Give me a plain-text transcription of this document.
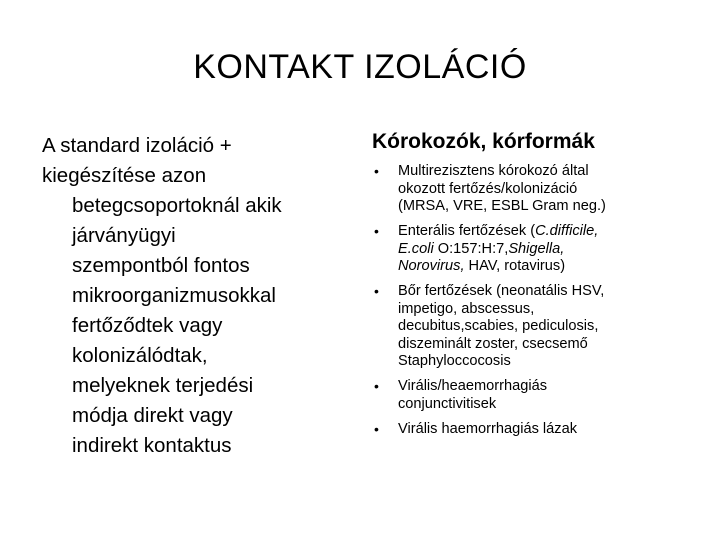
KONTAKT IZOLÁCIÓ
A standard izoláció +
kiegészítése azon
betegcsoportoknál akik
járványügyi
szempontból fontos
mikroorganizmusokkal
fertőződtek vagy
kolonizálódtak,
melyeknek terjedési
módja direkt vagy
indirekt kontaktus
Kórokozók, kórformák
• Multirezisztens kórokozó által
okozott fertőzés/kolonizáció
(MRSA, VRE, ESBL Gram neg.)
• Enterális fertőzések (C.difficile,
E.coli O:157:H:7,Shigella,
Norovirus, HAV, rotavirus)
• Bőr fertőzések (neonatális HSV,
impetigo, abscessus,
decubitus,scabies, pediculosis,
diszeminált zoster, csecsemő
Staphyloccocosis
• Virális/heaemorrhagiás
conjunctivitisek
• Virális haemorrhagiás lázak
